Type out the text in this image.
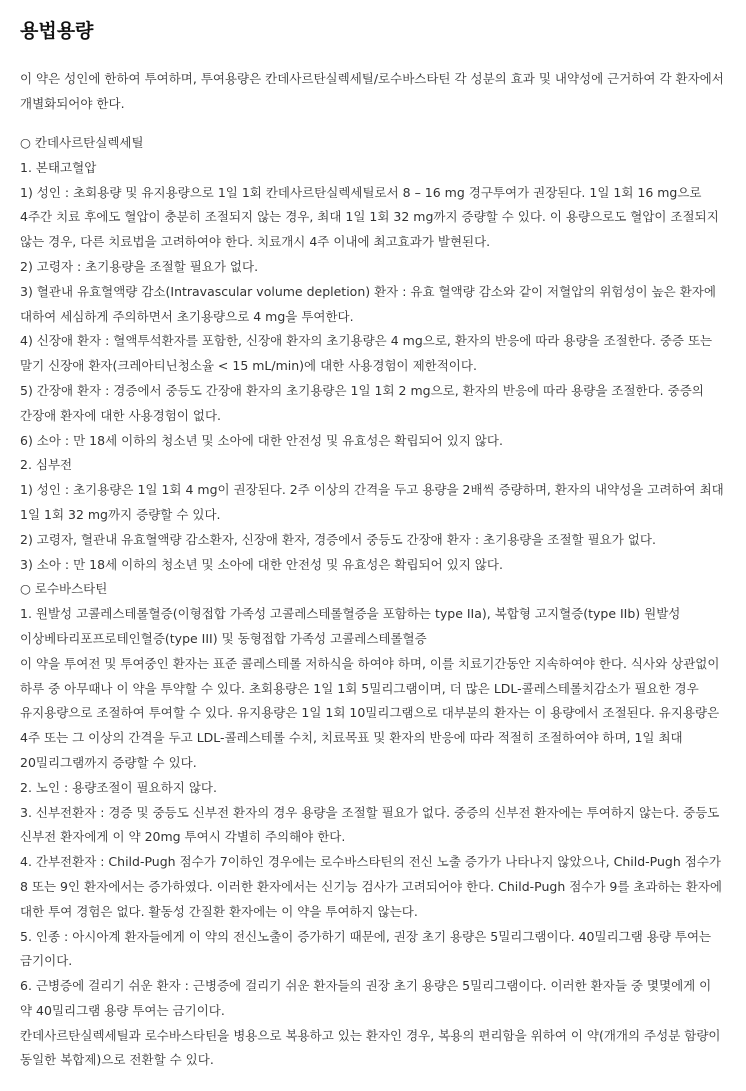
용법용량

이 약은 성인에 한하여 투여하며, 투여용량은 칸데사르탄실렉세틸/로수바스타틴 각 성분의 효과 및 내약성에 근거하여 각 환자에서 개별화되어야 한다.

○ 칸데사르탄실렉세틸

1. 본태고혈압

1) 성인 : 초회용량 및 유지용량으로 1일 1회 칸데사르탄실렉세틸로서 8 – 16 mg 경구투여가 권장된다. 1일 1회 16 mg으로 4주간 치료 후에도 혈압이 충분히 조절되지 않는 경우, 최대 1일 1회 32 mg까지 증량할 수 있다. 이 용량으로도 혈압이 조절되지 않는 경우, 다른 치료법을 고려하여야 한다. 치료개시 4주 이내에 최고효과가 발현된다.

2) 고령자 : 초기용량을 조절할 필요가 없다.

3) 혈관내 유효혈액량 감소(Intravascular volume depletion) 환자 : 유효 혈액량 감소와 같이 저혈압의 위험성이 높은 환자에 대하여 세심하게 주의하면서 초기용량으로 4 mg을 투여한다.

4) 신장애 환자 : 혈액투석환자를 포함한, 신장애 환자의 초기용량은 4 mg으로, 환자의 반응에 따라 용량을 조절한다. 중증 또는 말기 신장애 환자(크레아티닌청소율 < 15 mL/min)에 대한 사용경험이 제한적이다.

5) 간장애 환자 : 경증에서 중등도 간장애 환자의 초기용량은 1일 1회 2 mg으로, 환자의 반응에 따라 용량을 조절한다. 중증의 간장애 환자에 대한 사용경험이 없다.

6) 소아 : 만 18세 이하의 청소년 및 소아에 대한 안전성 및 유효성은 확립되어 있지 않다.

2. 심부전

1) 성인 : 초기용량은 1일 1회 4 mg이 권장된다. 2주 이상의 간격을 두고 용량을 2배씩 증량하며, 환자의 내약성을 고려하여 최대 1일 1회 32 mg까지 증량할 수 있다.

2) 고령자, 혈관내 유효혈액량 감소환자, 신장애 환자, 경증에서 중등도 간장애 환자 : 초기용량을 조절할 필요가 없다.

3) 소아 : 만 18세 이하의 청소년 및 소아에 대한 안전성 및 유효성은 확립되어 있지 않다.

○ 로수바스타틴

1. 원발성 고콜레스테롤혈증(이형접합 가족성 고콜레스테롤혈증을 포함하는 type IIa), 복합형 고지혈증(type IIb) 원발성 이상베타리포프로테인혈증(type III) 및 동형접합 가족성 고콜레스테롤혈증

이 약을 투여전 및 투여중인 환자는 표준 콜레스테롤 저하식을 하여야 하며, 이를 치료기간동안 지속하여야 한다. 식사와 상관없이 하루 중 아무때나 이 약을 투약할 수 있다. 초회용량은 1일 1회 5밀리그램이며, 더 많은 LDL-콜레스테롤치감소가 필요한 경우 유지용량으로 조절하여 투여할 수 있다. 유지용량은 1일 1회 10밀리그램으로 대부분의 환자는 이 용량에서 조절된다. 유지용량은 4주 또는 그 이상의 간격을 두고 LDL-콜레스테롤 수치, 치료목표 및 환자의 반응에 따라 적절히 조절하여야 하며, 1일 최대 20밀리그램까지 증량할 수 있다.

2. 노인 : 용량조절이 필요하지 않다.

3. 신부전환자 : 경증 및 중등도 신부전 환자의 경우 용량을 조절할 필요가 없다. 중증의 신부전 환자에는 투여하지 않는다. 중등도 신부전 환자에게 이 약 20mg 투여시 각별히 주의해야 한다.

4. 간부전환자 : Child-Pugh 점수가 7이하인 경우에는 로수바스타틴의 전신 노출 증가가 나타나지 않았으나, Child-Pugh 점수가 8 또는 9인 환자에서는 증가하였다. 이러한 환자에서는 신기능 검사가 고려되어야 한다. Child-Pugh 점수가 9를 초과하는 환자에 대한 투여 경험은 없다. 활동성 간질환 환자에는 이 약을 투여하지 않는다.

5. 인종 : 아시아계 환자들에게 이 약의 전신노출이 증가하기 때문에, 권장 초기 용량은 5밀리그램이다. 40밀리그램 용량 투여는 금기이다.

6. 근병증에 걸리기 쉬운 환자 : 근병증에 걸리기 쉬운 환자들의 권장 초기 용량은 5밀리그램이다. 이러한 환자들 중 몇몇에게 이 약 40밀리그램 용량 투여는 금기이다.

칸데사르탄실렉세틸과 로수바스타틴을 병용으로 복용하고 있는 환자인 경우, 복용의 편리함을 위하여 이 약(개개의 주성분 함량이 동일한 복합제)으로 전환할 수 있다.
